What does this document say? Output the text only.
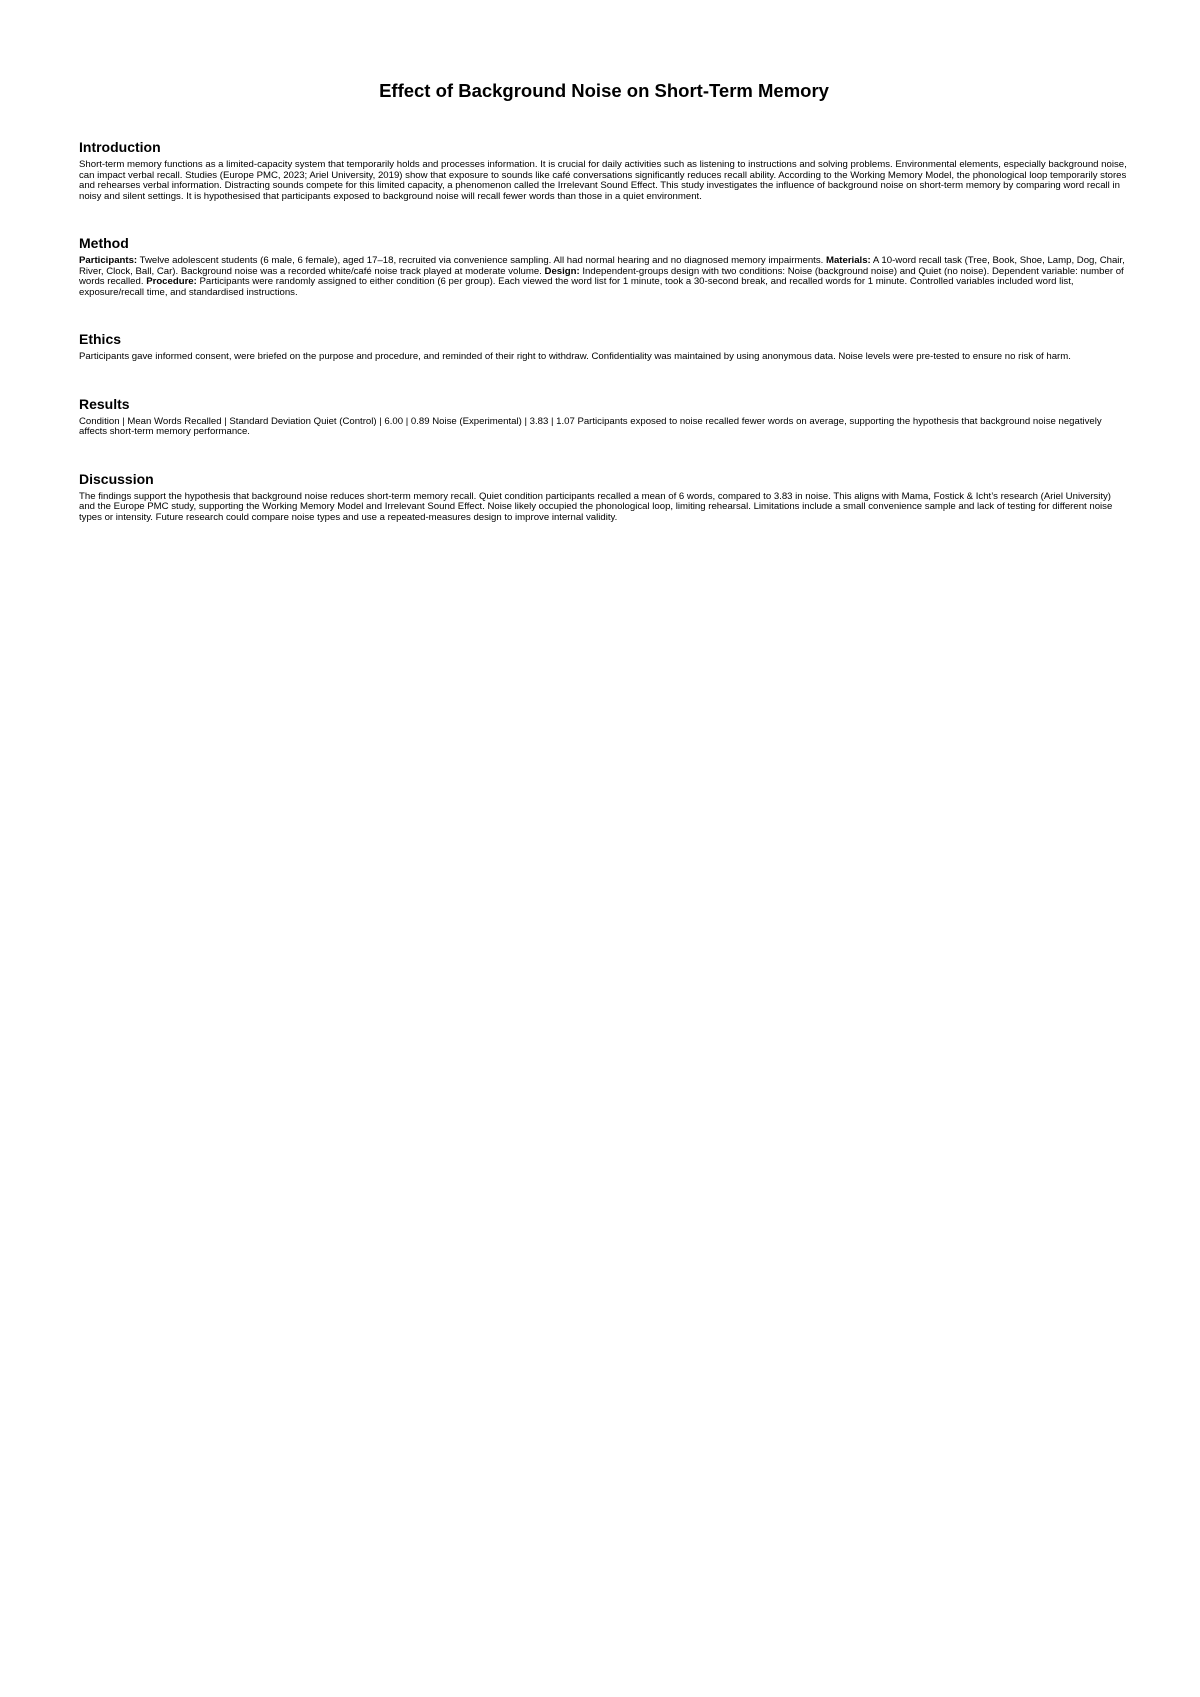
Effect of Background Noise on Short-Term Memory
Introduction

Short-term memory functions as a limited-capacity system that temporarily holds and processes information. It is crucial for daily activities such as listening to instructions and solving problems. Environmental elements, especially background noise, can impact verbal recall. Studies (Europe PMC, 2023; Ariel University, 2019) show that exposure to sounds like café conversations significantly reduces recall ability. According to the Working Memory Model, the phonological loop temporarily stores and rehearses verbal information. Distracting sounds compete for this limited capacity, a phenomenon called the Irrelevant Sound Effect. This study investigates the influence of background noise on short-term memory by comparing word recall in noisy and silent settings. It is hypothesised that participants exposed to background noise will recall fewer words than those in a quiet environment.

Method

Participants: Twelve adolescent students (6 male, 6 female), aged 17–18, recruited via convenience sampling. All had normal hearing and no diagnosed memory impairments. Materials: A 10-word recall task (Tree, Book, Shoe, Lamp, Dog, Chair, River, Clock, Ball, Car). Background noise was a recorded white/café noise track played at moderate volume. Design: Independent-groups design with two conditions: Noise (background noise) and Quiet (no noise). Dependent variable: number of words recalled. Procedure: Participants were randomly assigned to either condition (6 per group). Each viewed the word list for 1 minute, took a 30-second break, and recalled words for 1 minute. Controlled variables included word list, exposure/recall time, and standardised instructions.

Ethics

Participants gave informed consent, were briefed on the purpose and procedure, and reminded of their right to withdraw. Confidentiality was maintained by using anonymous data. Noise levels were pre-tested to ensure no risk of harm.

Results

Condition | Mean Words Recalled | Standard Deviation Quiet (Control) | 6.00 | 0.89 Noise (Experimental) | 3.83 | 1.07 Participants exposed to noise recalled fewer words on average, supporting the hypothesis that background noise negatively affects short-term memory performance.

Discussion

The findings support the hypothesis that background noise reduces short-term memory recall. Quiet condition participants recalled a mean of 6 words, compared to 3.83 in noise. This aligns with Mama, Fostick & Icht’s research (Ariel University) and the Europe PMC study, supporting the Working Memory Model and Irrelevant Sound Effect. Noise likely occupied the phonological loop, limiting rehearsal. Limitations include a small convenience sample and lack of testing for different noise types or intensity. Future research could compare noise types and use a repeated-measures design to improve internal validity.
